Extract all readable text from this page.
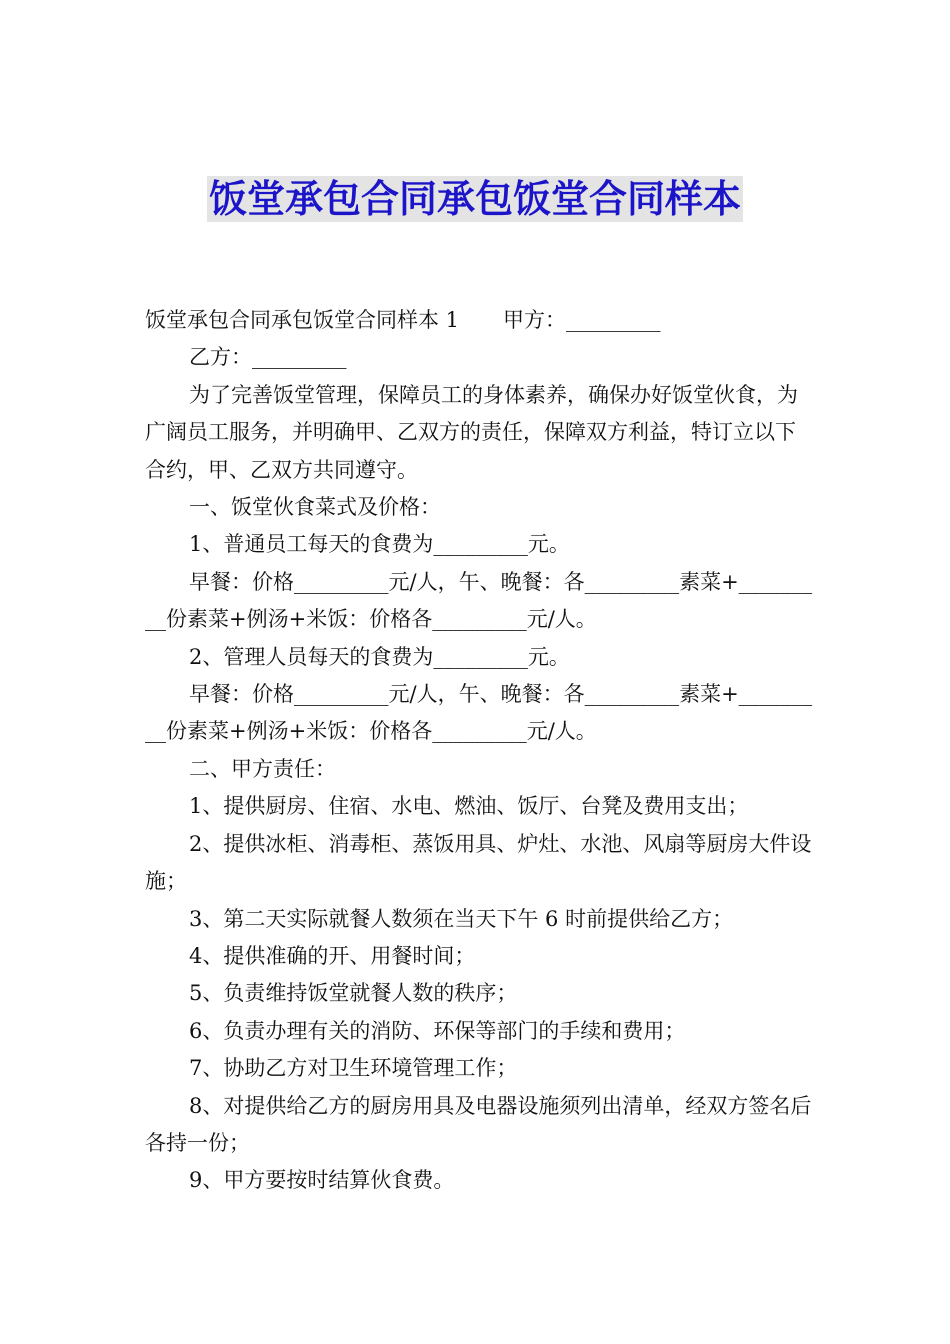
饭堂承包合同承包饭堂合同样本

饭堂承包合同承包饭堂合同样本 1 甲方：_________

乙方：_________

为了完善饭堂管理，保障员工的身体素养，确保办好饭堂伙食，为广阔员工服务，并明确甲、乙双方的责任，保障双方利益，特订立以下合约，甲、乙双方共同遵守。

一、饭堂伙食菜式及价格：

1、普通员工每天的食费为_________元。

早餐：价格_________元/人，午、晚餐：各_________素菜+_________份素菜+例汤+米饭：价格各_________元/人。

2、管理人员每天的食费为_________元。

早餐：价格_________元/人，午、晚餐：各_________素菜+_________份素菜+例汤+米饭：价格各_________元/人。

二、甲方责任：

1、提供厨房、住宿、水电、燃油、饭厅、台凳及费用支出；

2、提供冰柜、消毒柜、蒸饭用具、炉灶、水池、风扇等厨房大件设施；

3、第二天实际就餐人数须在当天下午 6 时前提供给乙方；

4、提供准确的开、用餐时间；

5、负责维持饭堂就餐人数的秩序；

6、负责办理有关的消防、环保等部门的手续和费用；

7、协助乙方对卫生环境管理工作；

8、对提供给乙方的厨房用具及电器设施须列出清单，经双方签名后各持一份；

9、甲方要按时结算伙食费。
